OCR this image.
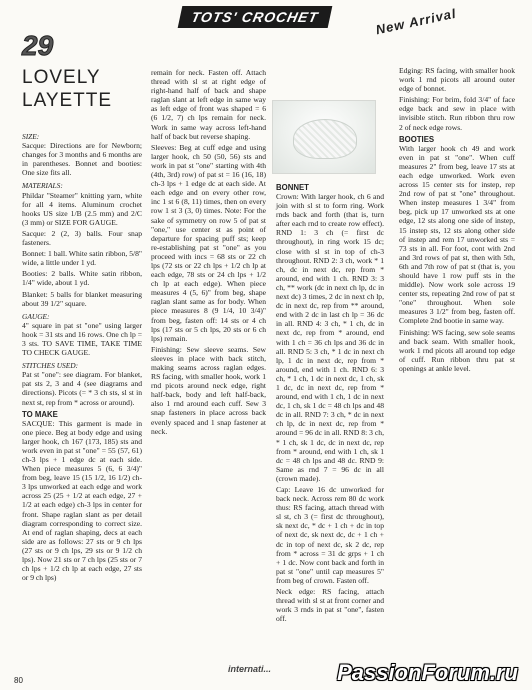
TOTS' CROCHET	New Arrival
29
LOVELY
LAYETTE
SIZE:

Sacque: Directions are for Newborn; changes for 3 months and 6 months are in parentheses. Bonnet and booties: One size fits all.

MATERIALS:

Phildar "Steamer" knitting yarn, white for all 4 items. Aluminum crochet hooks US size 1/B (2.5 mm) and 2/C (3 mm) or SIZE FOR GAUGE.

Sacque: 2 (2, 3) balls. Four snap fasteners.

Bonnet: 1 ball. White satin ribbon, 5/8" wide, a little under 1 yd.

Booties: 2 balls. White satin ribbon, 1/4" wide, about 1 yd.

Blanket: 5 balls for blanket measuring about 39 1/2" square.

GAUGE:

4" square in pat st "one" using larger hook = 31 sts and 16 rows. One ch lp = 3 sts. TO SAVE TIME, TAKE TIME TO CHECK GAUGE.

STITCHES USED:

Pat st "one": see diagram. For blanket, pat sts 2, 3 and 4 (see diagrams and directions). Picots (= * 3 ch sts, sl st in next st, rep from * across or around).

TO MAKE

SACQUE: This garment is made in one piece. Beg at body edge and using larger hook, ch 167 (173, 185) sts and work even in pat st "one" = 55 (57, 61) ch-3 lps + 1 edge dc at each side. When piece measures 5 (6, 6 3/4)" from beg, leave 15 (15 1/2, 16 1/2) ch-3 lps unworked at each edge and work across 25 (25 + 1/2 at each edge, 27 + 1/2 at each edge) ch-3 lps in center for front. Shape raglan slant as per detail diagram corresponding to correct size. At end of raglan shaping, decs at each side are as follows: 27 sts or 9 ch lps (27 sts or 9 ch lps, 29 sts or 9 1/2 ch lps). Now 21 sts or 7 ch lps (25 sts or 7 ch lps + 1/2 ch lp at each edge, 27 sts or 9 ch lps)

remain for neck. Fasten off. Attach thread with sl st at right edge of right-hand half of back and shape raglan slant at left edge in same way as left edge of front was shaped = 6 (6 1/2, 7) ch lps remain for neck. Work in same way across left-hand half of back but reverse shaping.

Sleeves: Beg at cuff edge and using larger hook, ch 50 (50, 56) sts and work in pat st "one" starting with 4th (4th, 3rd) row) of pat st = 16 (16, 18) ch-3 lps + 1 edge dc at each side. At each edge and on every other row, inc 1 st 6 (8, 11) times, then on every row 1 st 3 (3, 0) times. Note: For the sake of symmetry on row 5 of pat st "one," use center st as point of departure for spacing puff sts; keep re-establishing pat st "one" as you proceed with incs = 68 sts or 22 ch lps (72 sts or 22 ch lps + 1/2 ch lp at each edge, 78 sts or 24 ch lps + 1/2 ch lp at each edge). When piece measures 4 (5, 6)" from beg, shape raglan slant same as for body. When piece measures 8 (9 1/4, 10 3/4)" from beg, fasten off: 14 sts or 4 ch lps (17 sts or 5 ch lps, 20 sts or 6 ch lps) remain.

Finishing: Sew sleeve seams. Sew sleeves in place with back stitch, making seams across raglan edges. RS facing, with smaller hook, work 1 rnd picots around neck edge, right half-back, body and left half-back, also 1 rnd around each cuff. Sew 3 snap fasteners in place across back evenly spaced and 1 snap fastener at neck.

BONNET

Crown: With larger hook, ch 6 and join with sl st to form ring. Work rnds back and forth (that is, turn after each rnd to create row effect). RND 1: 3 ch (= first dc throughout), in ring work 15 dc; close with sl st in top of ch-3 throughout. RND 2: 3 ch, work * 1 ch, dc in next dc, rep from * around, end with 1 ch. RND 3: 3 ch, ** work (dc in next ch lp, dc in next dc) 3 times, 2 dc in next ch lp, dc in next dc, rep from ** around, end with 2 dc in last ch lp = 36 dc in all. RND 4: 3 ch, * 1 ch, dc in next dc, rep from * around, end with 1 ch = 36 ch lps and 36 dc in all. RND 5: 3 ch, * 1 dc in next ch lp, 1 dc in next dc, rep from * around, end with 1 ch. RND 6: 3 ch, * 1 ch, 1 dc in next dc, 1 ch, sk 1 dc, dc in next dc, rep from * around, end with 1 ch, 1 dc in next dc, 1 ch, sk 1 dc = 48 ch lps and 48 dc in all. RND 7: 3 ch, * dc in next ch lp, dc in next dc, rep from * around = 96 dc in all. RND 8: 3 ch, * 1 ch, sk 1 dc, dc in next dc, rep from * around, end with 1 ch, sk 1 dc = 48 ch lps and 48 dc. RND 9: Same as rnd 7 = 96 dc in all (crown made).

Cap: Leave 16 dc unworked for back neck. Across rem 80 dc work thus: RS facing, attach thread with sl st, ch 3 (= first dc throughout), sk next dc, * dc + 1 ch + dc in top of next dc, sk next dc, dc + 1 ch + dc in top of next dc, sk 2 dc, rep from * across = 31 dc grps + 1 ch + 1 dc. Now cont back and forth in pat st "one" until cap measures 5" from beg of crown. Fasten off.

Neck edge: RS facing, attach thread with sl st at front corner and work 3 rnds in pat st "one", fasten off.

Edging: RS facing, with smaller hook work 1 rnd picots all around outer edge of bonnet.

Finishing: For brim, fold 3/4" of face edge back and sew in place with invisible stitch. Run ribbon thru row 2 of neck edge rows.

BOOTIES

With larger hook ch 49 and work even in pat st "one". When cuff measures 2" from beg, leave 17 sts at each edge unworked. Work even across 15 center sts for instep, rep 2nd row of pat st "one" throughout. When instep measures 1 3/4" from beg, pick up 17 unworked sts at one edge, 12 sts along one side of instep, 15 instep sts, 12 sts along other side of instep and rem 17 unworked sts = 73 sts in all. For foot, cont with 2nd and 3rd rows of pat st, then with 5th, 6th and 7th row of pat st (that is, you should have 1 row puff sts in the middle). Now work sole across 19 center sts, repeating 2nd row of pat st "one" throughout. When sole measures 3 1/2" from beg, fasten off. Complete 2nd bootie in same way.

Finishing: WS facing, sew sole seams and back seam. With smaller hook, work 1 rnd picots all around top edge of cuff. Run ribbon thru pat st openings at ankle level.

80
internati...	PassionForum.ru
